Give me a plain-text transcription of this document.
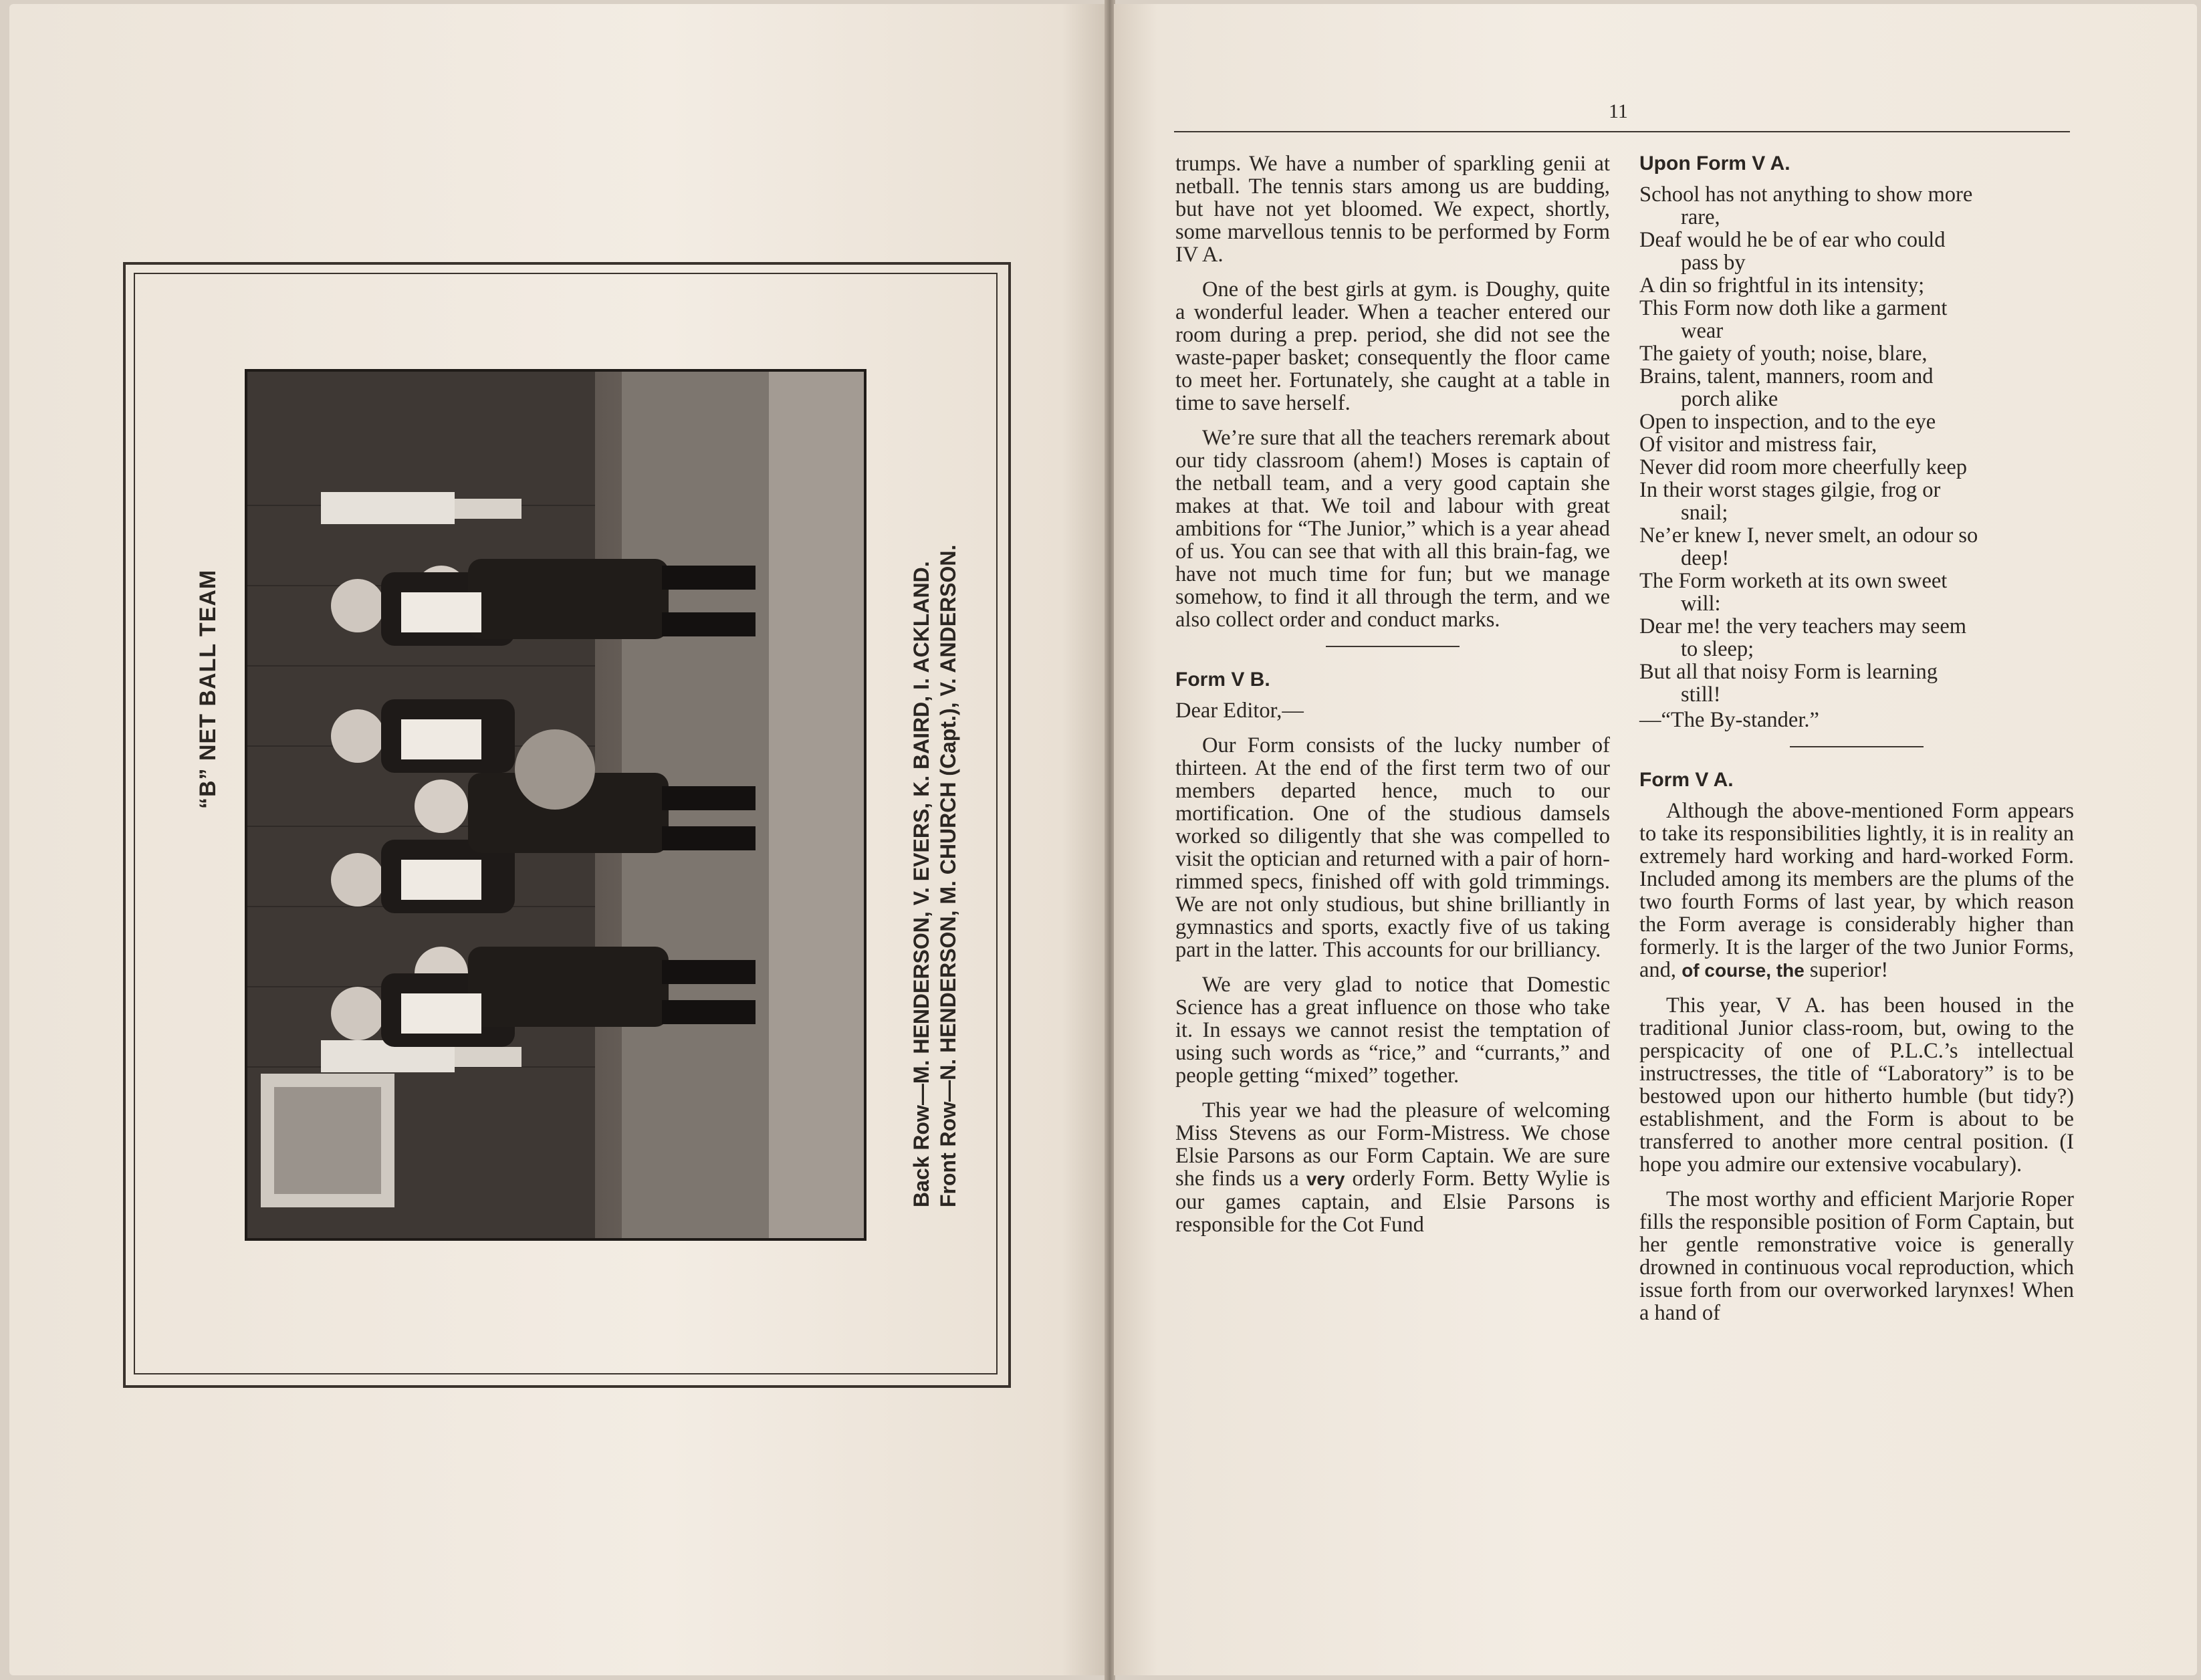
“B” NET BALL TEAM	Back Row—M. HENDERSON, V. EVERS, K. BAIRD, I. ACKLAND. Front Row—N. HENDERSON, M. CHURCH (Capt.), V. ANDERSON.
11

trumps. We have a number of sparkling genii at netball. The tennis stars among us are budding, but have not yet bloomed. We expect, shortly, some marvellous tennis to be performed by Form IV A.

One of the best girls at gym. is Doughy, quite a wonderful leader. When a teacher entered our room during a prep. period, she did not see the waste-paper basket; consequently the floor came to meet her. Fortunately, she caught at a table in time to save herself.

We’re sure that all the teachers reremark about our tidy classroom (ahem!) Moses is captain of the netball team, and a very good captain she makes at that. We toil and labour with great ambitions for “The Junior,” which is a year ahead of us. You can see that with all this brain-fag, we have not much time for fun; but we manage somehow, to find it all through the term, and we also collect order and conduct marks.

Form V B.

Dear Editor,—

Our Form consists of the lucky number of thirteen. At the end of the first term two of our members departed hence, much to our mortification. One of the studious damsels worked so diligently that she was compelled to visit the optician and returned with a pair of horn-rimmed specs, finished off with gold trimmings. We are not only studious, but shine brilliantly in gymnastics and sports, exactly five of us taking part in the latter. This accounts for our brilliancy.

We are very glad to notice that Domestic Science has a great influence on those who take it. In essays we cannot resist the temptation of using such words as “rice,” and “currants,” and people getting “mixed” together.

This year we had the pleasure of welcoming Miss Stevens as our Form-Mistress. We chose Elsie Parsons as our Form Captain. We are sure she finds us a very orderly Form. Betty Wylie is our games captain, and Elsie Parsons is responsible for the Cot Fund

Upon Form V A.
School has not anything to show more
rare,
Deaf would he be of ear who could
pass by
A din so frightful in its intensity;
This Form now doth like a garment
wear
The gaiety of youth; noise, blare,
Brains, talent, manners, room and
porch alike
Open to inspection, and to the eye
Of visitor and mistress fair,
Never did room more cheerfully keep
In their worst stages gilgie, frog or
snail;
Ne’er knew I, never smelt, an odour so
deep!
The Form worketh at its own sweet
will:
Dear me! the very teachers may seem
to sleep;
But all that noisy Form is learning
still!

—“The By-stander.”

Form V A.

Although the above-mentioned Form appears to take its responsibilities lightly, it is in reality an extremely hard working and hard-worked Form. Included among its members are the plums of the two fourth Forms of last year, by which reason the Form average is considerably higher than formerly. It is the larger of the two Junior Forms, and, of course, the superior!

This year, V A. has been housed in the traditional Junior class-room, but, owing to the perspicacity of one of P.L.C.’s intellectual instructresses, the title of “Laboratory” is to be bestowed upon our hitherto humble (but tidy?) establishment, and the Form is about to be transferred to another more central position. (I hope you admire our extensive vocabulary).

The most worthy and efficient Marjorie Roper fills the responsible position of Form Captain, but her gentle remonstrative voice is generally drowned in continuous vocal reproduction, which issue forth from our overworked larynxes! When a hand of
